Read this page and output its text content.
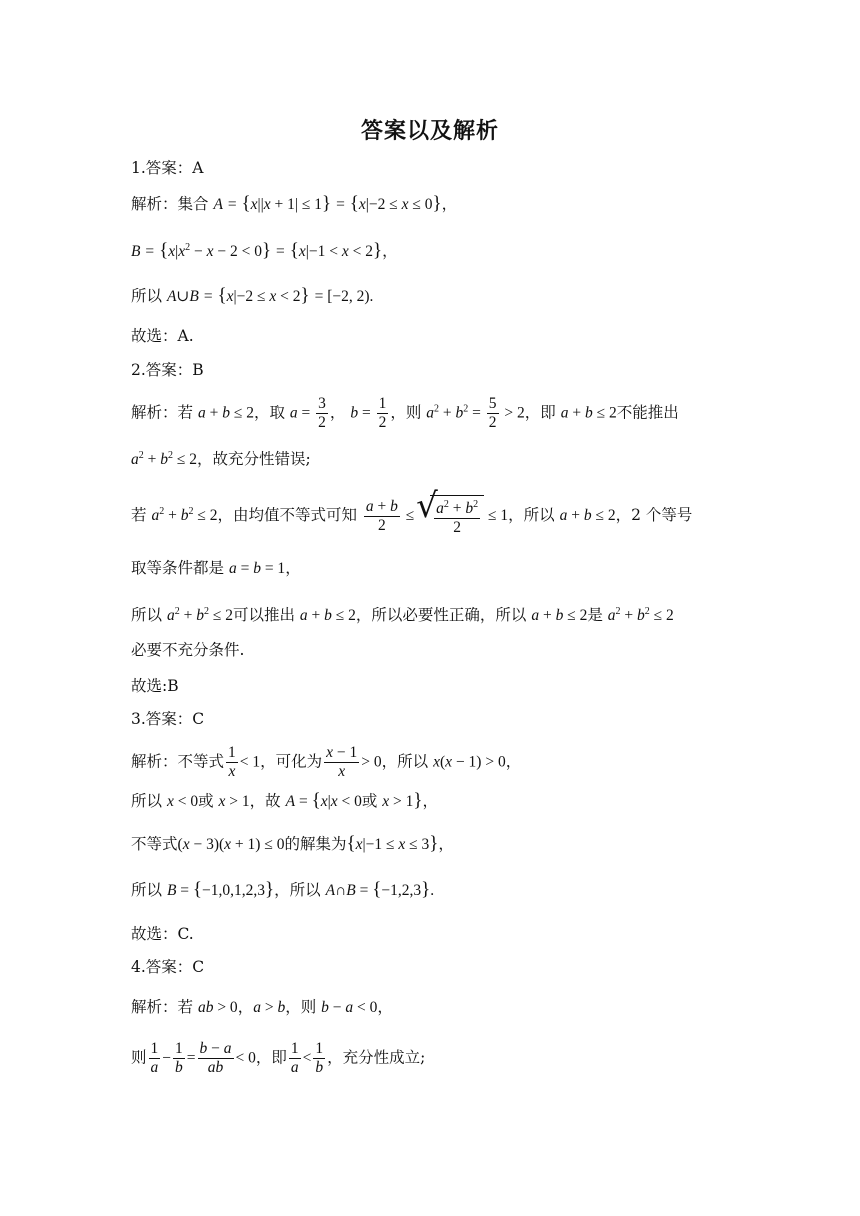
答案以及解析
1.答案：A
解析：集合 A = {x||x + 1| ≤ 1} = {x|−2 ≤ x ≤ 0}，
$B = \{x|x^2 - x - 2 < 0\} = \{x|-1 < x < 2\}$，
所以 A∪B = {x|−2 ≤ x < 2} = [−2, 2).
故选：A.
2.答案：B
解析：若 a + b ≤ 2，取 $a = \frac{3}{2}$ ， $b = \frac{1}{2}$ ，则 $a^2 + b^2 = \frac{5}{2} > 2$，即 a + b ≤ 2不能推出
$a^2 + b^2 \le 2$，故充分性错误;
若 $a^2 + b^2 \le 2$，由均值不等式可知 $\frac{a + b}{2}$ ≤
√ $\frac{a^2 + b^2}{2} \le 1$，所以 a + b ≤ 2，2 个等号
取等条件都是 a = b = 1，
所以 $a^2 + b^2 \le 2$可以推出 a + b ≤ 2，所以必要性正确，所以 a + b ≤ 2是 $a^2 + b^2 \le 2$
必要不充分条件.
故选:B
3.答案：C
解析：不等式 $\frac{1}{x} < 1$，可化为 $\frac{x - 1}{x} > 0$，所以 x(x − 1) > 0，
所以 x < 0或 x > 1，故 A = {x|x < 0或 x > 1}，
不等式(x − 3)(x + 1) ≤ 0的解集为{x|−1 ≤ x ≤ 3}，
所以 B = {−1,0,1,2,3}，所以 A∩B = {−1,2,3}.
故选：C.
4.答案：C
解析：若 ab > 0，a > b，则 b − a < 0，
则 $\frac{1}{a} - \frac{1}{b} = \frac{b - a}{ab} < 0$，即 $\frac{1}{a} < \frac{1}{b}$ ，充分性成立;
